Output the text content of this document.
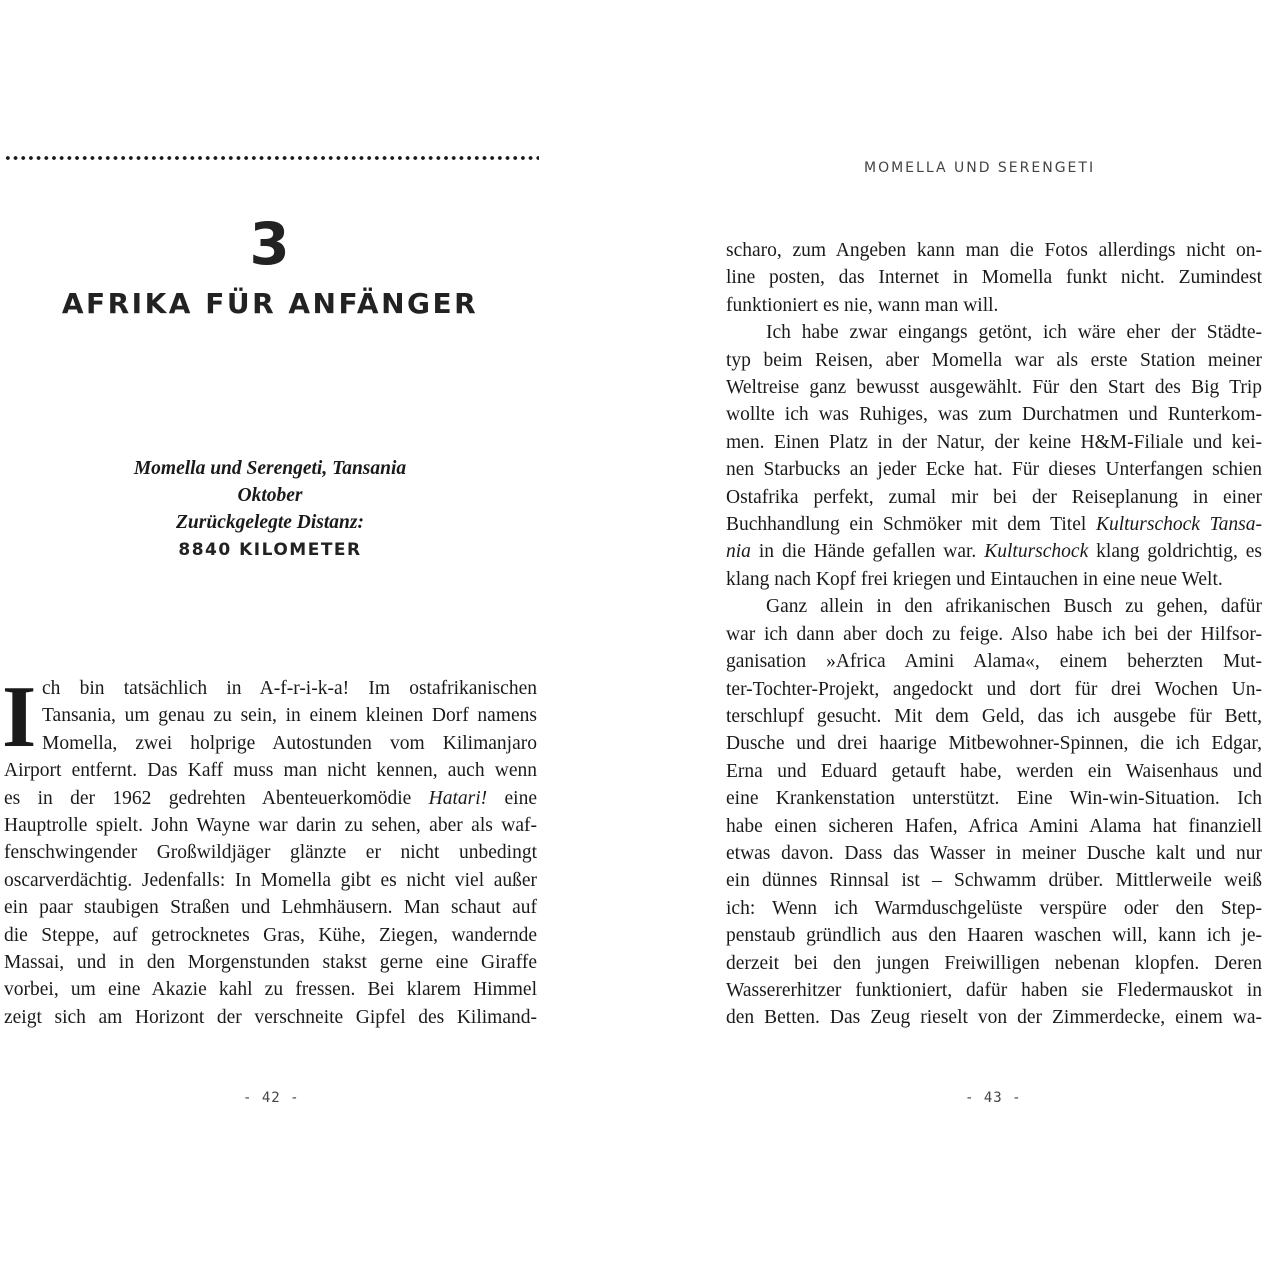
3
AFRIKA FÜR ANFÄNGER
Momella und Serengeti, Tansania
Oktober
Zurückgelegte Distanz:
8840 KILOMETER
I ch bin tatsächlich in A-f-r-i-k-a! Im ostafrikanischen
Tansania, um genau zu sein, in einem kleinen Dorf namens
Momella, zwei holprige Autostunden vom Kilimanjaro
Airport entfernt. Das Kaff muss man nicht kennen, auch wenn
es in der 1962 gedrehten Abenteuerkomödie Hatari! eine
Hauptrolle spielt. John Wayne war darin zu sehen, aber als waf-
fenschwingender Großwildjäger glänzte er nicht unbedingt
oscarverdächtig. Jedenfalls: In Momella gibt es nicht viel außer
ein paar staubigen Straßen und Lehmhäusern. Man schaut auf
die Steppe, auf getrocknetes Gras, Kühe, Ziegen, wandernde
Massai, und in den Morgenstunden stakst gerne eine Giraffe
vorbei, um eine Akazie kahl zu fressen. Bei klarem Himmel
zeigt sich am Horizont der verschneite Gipfel des Kilimand-
- 42 -
MOMELLA UND SERENGETI
scharo, zum Angeben kann man die Fotos allerdings nicht on-
line posten, das Internet in Momella funkt nicht. Zumindest
funktioniert es nie, wann man will.
Ich habe zwar eingangs getönt, ich wäre eher der Städte-
typ beim Reisen, aber Momella war als erste Station meiner
Weltreise ganz bewusst ausgewählt. Für den Start des Big Trip
wollte ich was Ruhiges, was zum Durchatmen und Runterkom-
men. Einen Platz in der Natur, der keine H&M-Filiale und kei-
nen Starbucks an jeder Ecke hat. Für dieses Unterfangen schien
Ostafrika perfekt, zumal mir bei der Reiseplanung in einer
Buchhandlung ein Schmöker mit dem Titel Kulturschock Tansa-
nia in die Hände gefallen war. Kulturschock klang goldrichtig, es
klang nach Kopf frei kriegen und Eintauchen in eine neue Welt.
Ganz allein in den afrikanischen Busch zu gehen, dafür
war ich dann aber doch zu feige. Also habe ich bei der Hilfsor-
ganisation »Africa Amini Alama«, einem beherzten Mut-
ter-Tochter-Projekt, angedockt und dort für drei Wochen Un-
terschlupf gesucht. Mit dem Geld, das ich ausgebe für Bett,
Dusche und drei haarige Mitbewohner-Spinnen, die ich Edgar,
Erna und Eduard getauft habe, werden ein Waisenhaus und
eine Krankenstation unterstützt. Eine Win-win-Situation. Ich
habe einen sicheren Hafen, Africa Amini Alama hat finanziell
etwas davon. Dass das Wasser in meiner Dusche kalt und nur
ein dünnes Rinnsal ist – Schwamm drüber. Mittlerweile weiß
ich: Wenn ich Warmduschgelüste verspüre oder den Step-
penstaub gründlich aus den Haaren waschen will, kann ich je-
derzeit bei den jungen Freiwilligen nebenan klopfen. Deren
Wassererhitzer funktioniert, dafür haben sie Fledermauskot in
den Betten. Das Zeug rieselt von der Zimmerdecke, einem wa-
- 43 -
